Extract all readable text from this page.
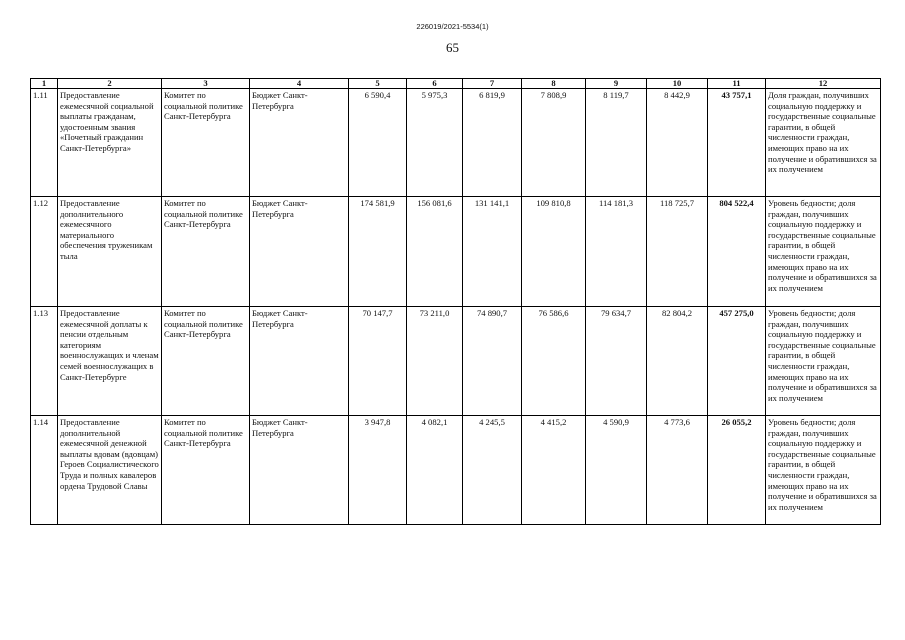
226019/2021-5534(1)
65
1	2	3	4	5	6	7	8	9	10	11	12
1.11	Предоставление ежемесячной социальной выплаты гражданам, удостоенным звания «Почетный гражданин Санкт-Петербурга»	Комитет по социальной политике Санкт-Петербурга	Бюджет Санкт-Петербурга	6 590,4	5 975,3	6 819,9	7 808,9	8 119,7	8 442,9	43 757,1	Доля граждан, получивших социальную поддержку и государственные социальные гарантии, в общей численности граждан, имеющих право на их получение и обратившихся за их получением
1.12	Предоставление дополнительного ежемесячного материального обеспечения труженикам тыла	Комитет по социальной политике Санкт-Петербурга	Бюджет Санкт-Петербурга	174 581,9	156 081,6	131 141,1	109 810,8	114 181,3	118 725,7	804 522,4	Уровень бедности; доля граждан, получивших социальную поддержку и государственные социальные гарантии, в общей численности граждан, имеющих право на их получение и обратившихся за их получением
1.13	Предоставление ежемесячной доплаты к пенсии отдельным категориям военнослужащих и членам семей военнослужащих в Санкт-Петербурге	Комитет по социальной политике Санкт-Петербурга	Бюджет Санкт-Петербурга	70 147,7	73 211,0	74 890,7	76 586,6	79 634,7	82 804,2	457 275,0	Уровень бедности; доля граждан, получивших социальную поддержку и государственные социальные гарантии, в общей численности граждан, имеющих право на их получение и обратившихся за их получением
1.14	Предоставление дополнительной ежемесячной денежной выплаты вдовам (вдовцам) Героев Социалистического Труда и полных кавалеров ордена Трудовой Славы	Комитет по социальной политике Санкт-Петербурга	Бюджет Санкт-Петербурга	3 947,8	4 082,1	4 245,5	4 415,2	4 590,9	4 773,6	26 055,2	Уровень бедности; доля граждан, получивших социальную поддержку и государственные социальные гарантии, в общей численности граждан, имеющих право на их получение и обратившихся за их получением
